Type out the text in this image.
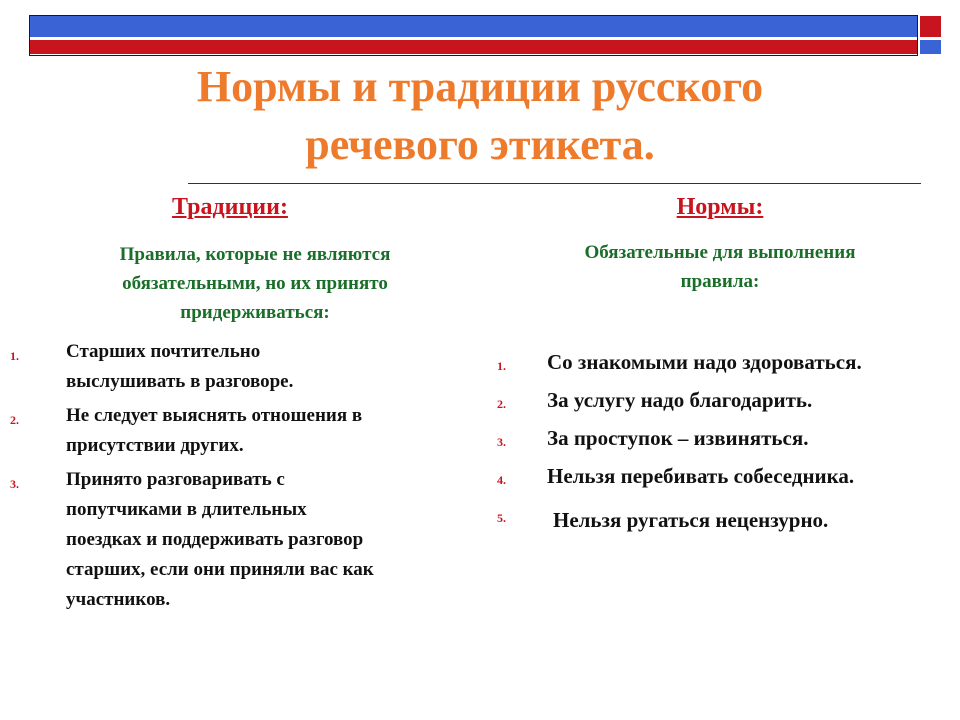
Нормы и традиции русского
речевого этикета.
Традиции:	Нормы:
Правила, которые не являются
обязательными, но их принято
придерживаться:
Обязательные для выполнения
правила:
1. Старших почтительно
выслушивать в разговоре.
2. Не следует выяснять отношения в
присутствии других.
3. Принято разговаривать с
попутчиками в длительных
поездках и поддерживать разговор
старших, если они приняли вас как
участников.
1. Со знакомыми надо здороваться.
2. За услугу надо благодарить.
3. За проступок – извиняться.
4. Нельзя перебивать собеседника.
5. Нельзя ругаться нецензурно.
